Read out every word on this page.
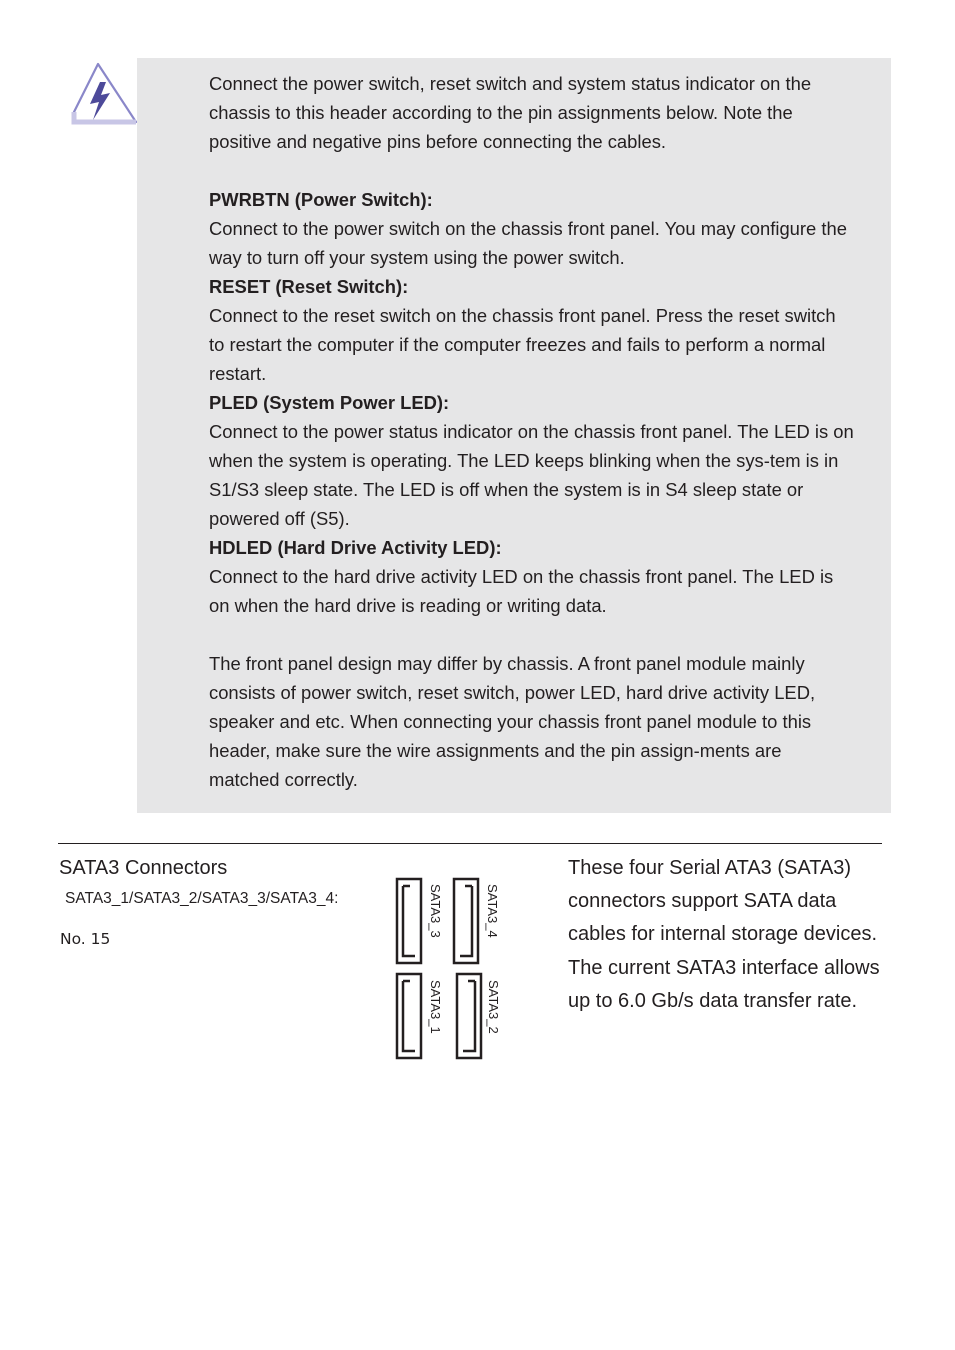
Connect the power switch, reset switch and system status indicator on the chassis to this header according to the pin assignments below. Note the positive and negative pins before connecting the cables.

PWRBTN (Power Switch):

Connect to the power switch on the chassis front panel. You may configure the way to turn off your system using the power switch.

RESET (Reset Switch):

Connect to the reset switch on the chassis front panel. Press the reset switch to restart the computer if the computer freezes and fails to perform a normal restart.

PLED (System Power LED):

Connect to the power status indicator on the chassis front panel. The LED is on when the system is operating. The LED keeps blinking when the sys-tem is in S1/S3 sleep state. The LED is off when the system is in S4 sleep state or powered off (S5).

HDLED (Hard Drive Activity LED):

Connect to the hard drive activity LED on the chassis front panel. The LED is on when the hard drive is reading or writing data.

The front panel design may differ by chassis. A front panel module mainly consists of power switch, reset switch, power LED, hard drive activity LED, speaker and etc. When connecting your chassis front panel module to this header, make sure the wire assignments and the pin assign-ments are matched correctly.

SATA3 Connectors
SATA3_1/SATA3_2/SATA3_3/SATA3_4:
No. 15
SATA3_3	SATA3_4
SATA3_1	SATA3_2

These four Serial ATA3 (SATA3) connectors support SATA data cables for internal storage devices. The current SATA3 interface allows up to 6.0 Gb/s data transfer rate.
